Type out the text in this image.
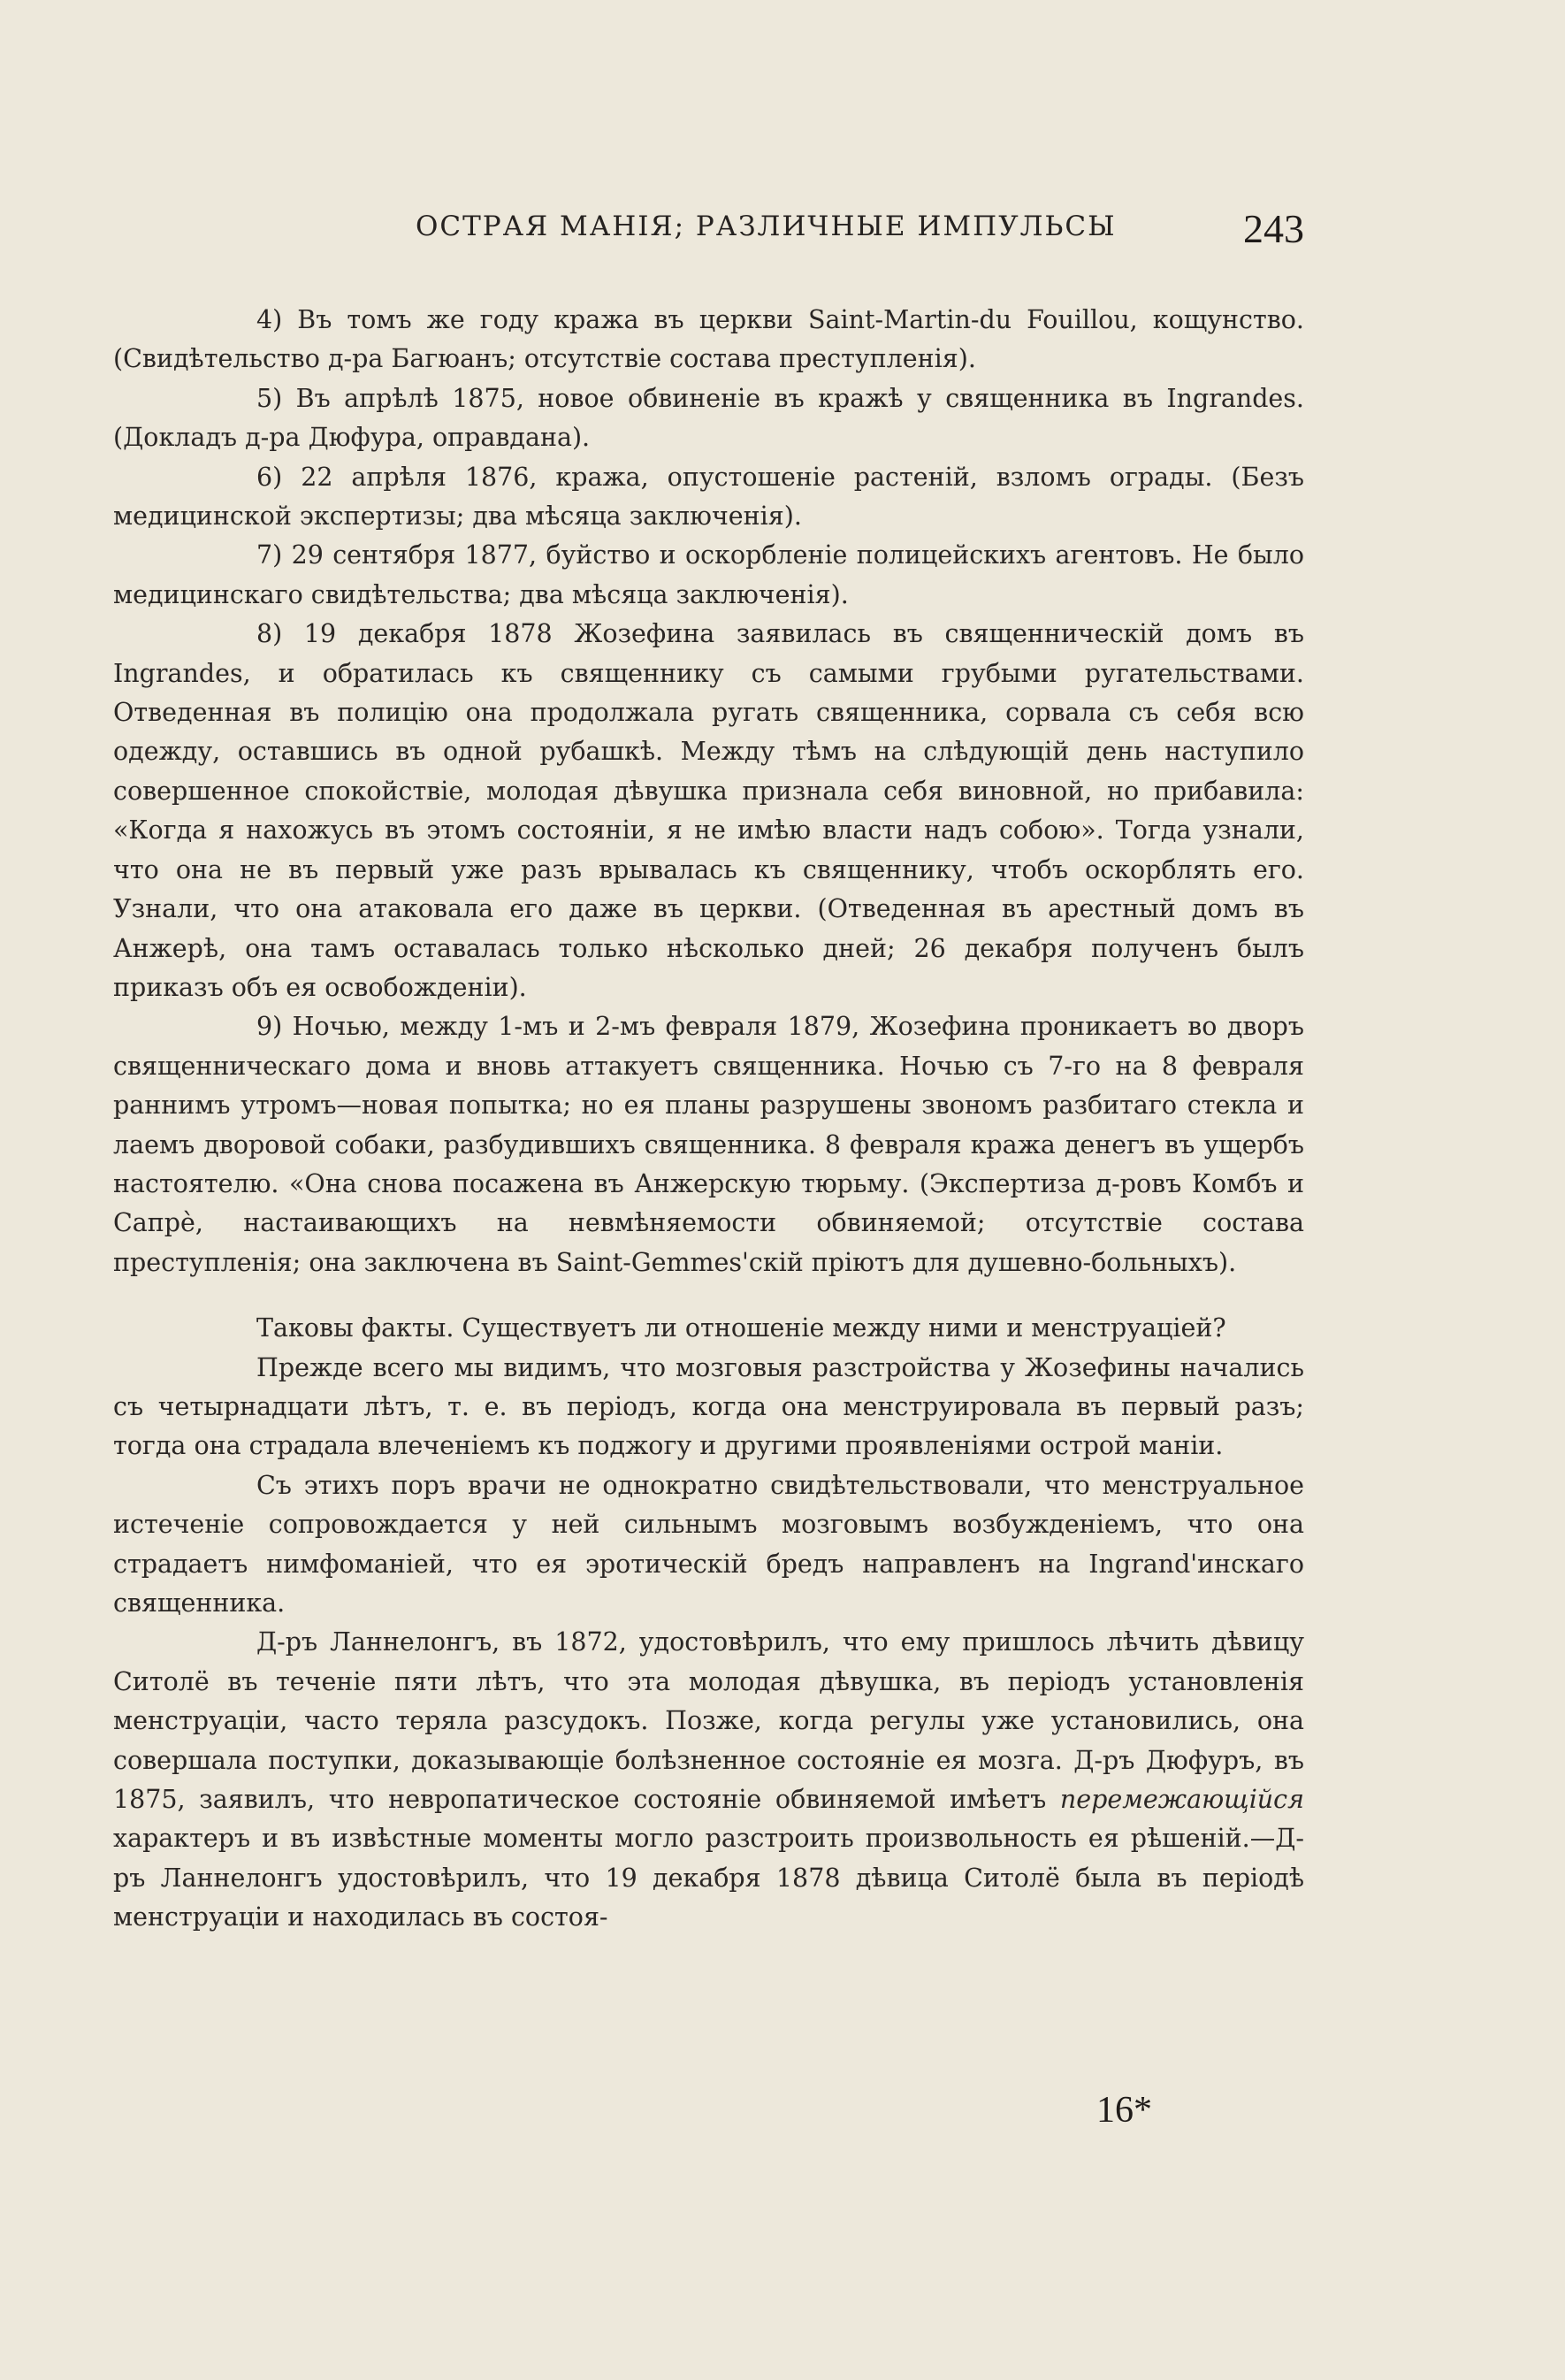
ОСТРАЯ МАНІЯ; РАЗЛИЧНЫЕ ИМПУЛЬСЫ	243

4) Въ томъ же году кража въ церкви Saint-Martin-du Fouillou, кощунство. (Свидѣтельство д-ра Багюанъ; отсутствіе состава преступленія).

5) Въ апрѣлѣ 1875, новое обвиненіе въ кражѣ у священника въ Ingrandes. (Докладъ д-ра Дюфура, оправдана).

6) 22 апрѣля 1876, кража, опустошеніе растеній, взломъ ограды. (Безъ медицинской экспертизы; два мѣсяца заключенія).

7) 29 сентября 1877, буйство и оскорбленіе полицейскихъ агентовъ. Не было медицинскаго свидѣтельства; два мѣсяца заключенія).

8) 19 декабря 1878 Жозефина заявилась въ священническій домъ въ Ingrandes, и обратилась къ священнику съ самыми грубыми ругательствами. Отведенная въ полицію она продолжала ругать священника, сорвала съ себя всю одежду, оставшись въ одной рубашкѣ. Между тѣмъ на слѣдующій день наступило совершенное спокойствіе, молодая дѣвушка признала себя виновной, но прибавила: «Когда я нахожусь въ этомъ состояніи, я не имѣю власти надъ собою». Тогда узнали, что она не въ первый уже разъ врывалась къ священнику, чтобъ оскорблять его. Узнали, что она атаковала его даже въ церкви. (Отведенная въ арестный домъ въ Анжерѣ, она тамъ оставалась только нѣсколько дней; 26 декабря полученъ былъ приказъ объ ея освобожденіи).

9) Ночью, между 1-мъ и 2-мъ февраля 1879, Жозефина проникаетъ во дворъ священническаго дома и вновь аттакуетъ священника. Ночью съ 7-го на 8 февраля раннимъ утромъ—новая попытка; но ея планы разрушены звономъ разбитаго стекла и лаемъ дворовой собаки, разбудившихъ священника. 8 февраля кража денегъ въ ущербъ настоятелю. «Она снова посажена въ Анжерскую тюрьму. (Экспертиза д-ровъ Комбъ и Сапрѐ, настаивающихъ на невмѣняемости обвиняемой; отсутствіе состава преступленія; она заключена въ Saint-Gemmes'скій пріютъ для душевно-больныхъ).

Таковы факты. Существуетъ ли отношеніе между ними и менструаціей?

Прежде всего мы видимъ, что мозговыя разстройства у Жозефины начались съ четырнадцати лѣтъ, т. е. въ періодъ, когда она менструировала въ первый разъ; тогда она страдала влеченіемъ къ поджогу и другими проявленіями острой маніи.

Съ этихъ поръ врачи не однократно свидѣтельствовали, что менструальное истеченіе сопровождается у ней сильнымъ мозговымъ возбужденіемъ, что она страдаетъ нимфоманіей, что ея эротическій бредъ направленъ на Ingrand'инскаго священника.

Д-ръ Ланнелонгъ, въ 1872, удостовѣрилъ, что ему пришлось лѣчить дѣвицу Ситолё въ теченіе пяти лѣтъ, что эта молодая дѣвушка, въ періодъ установленія менструаціи, часто теряла разсудокъ. Позже, когда регулы уже установились, она совершала поступки, доказывающіе болѣзненное состояніе ея мозга. Д-ръ Дюфуръ, въ 1875, заявилъ, что невропатическое состояніе обвиняемой имѣетъ перемежающійся характеръ и въ извѣстные моменты могло разстроить произвольность ея рѣшеній.—Д-ръ Ланнелонгъ удостовѣрилъ, что 19 декабря 1878 дѣвица Ситолё была въ періодѣ менструаціи и находилась въ состоя-

16*
